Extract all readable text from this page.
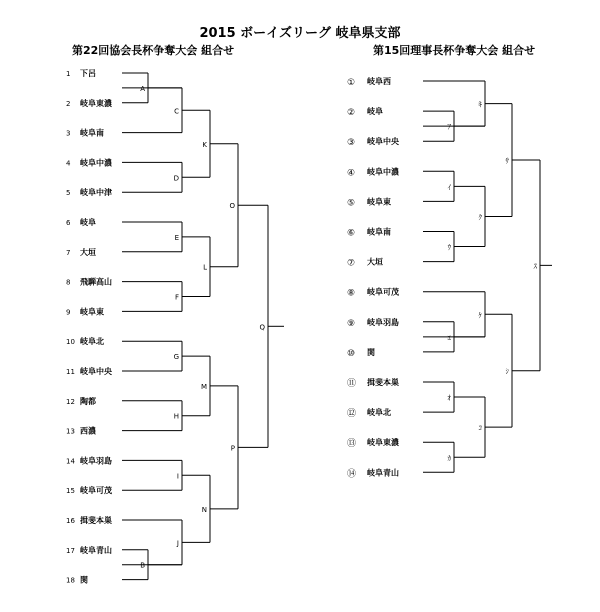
2015 ボーイズリーグ 岐阜県支部
第22回協会長杯争奪大会 組合せ	第15回理事長杯争奪大会 組合せ
1 下呂
2 岐阜東濃
3 岐阜南
4 岐阜中濃
5 岐阜中津
6 岐阜
7 大垣
8 飛騨高山
9 岐阜東
10 岐阜北
11 岐阜中央
12 陶都
13 西濃
14 岐阜羽島
15 岐阜可茂
16 揖斐本巣
17 岐阜青山
18 関
A
B
C
D
E
F
G
H
I
J
K
L
M
N
O
P
Q
① 岐阜西
② 岐阜
③ 岐阜中央
④ 岐阜中濃
⑤ 岐阜東
⑥ 岐阜南
⑦ 大垣
⑧ 岐阜可茂
⑨ 岐阜羽島
⑩ 関
⑪ 揖斐本巣
⑫ 岐阜北
⑬ 岐阜東濃
⑭ 岐阜青山
ｱ
ｲ
ｳ
ｴ
ｵ
ｶ
ｷ
ｸ
ｹ
ｺ
ｻ
ｼ
ｽ
